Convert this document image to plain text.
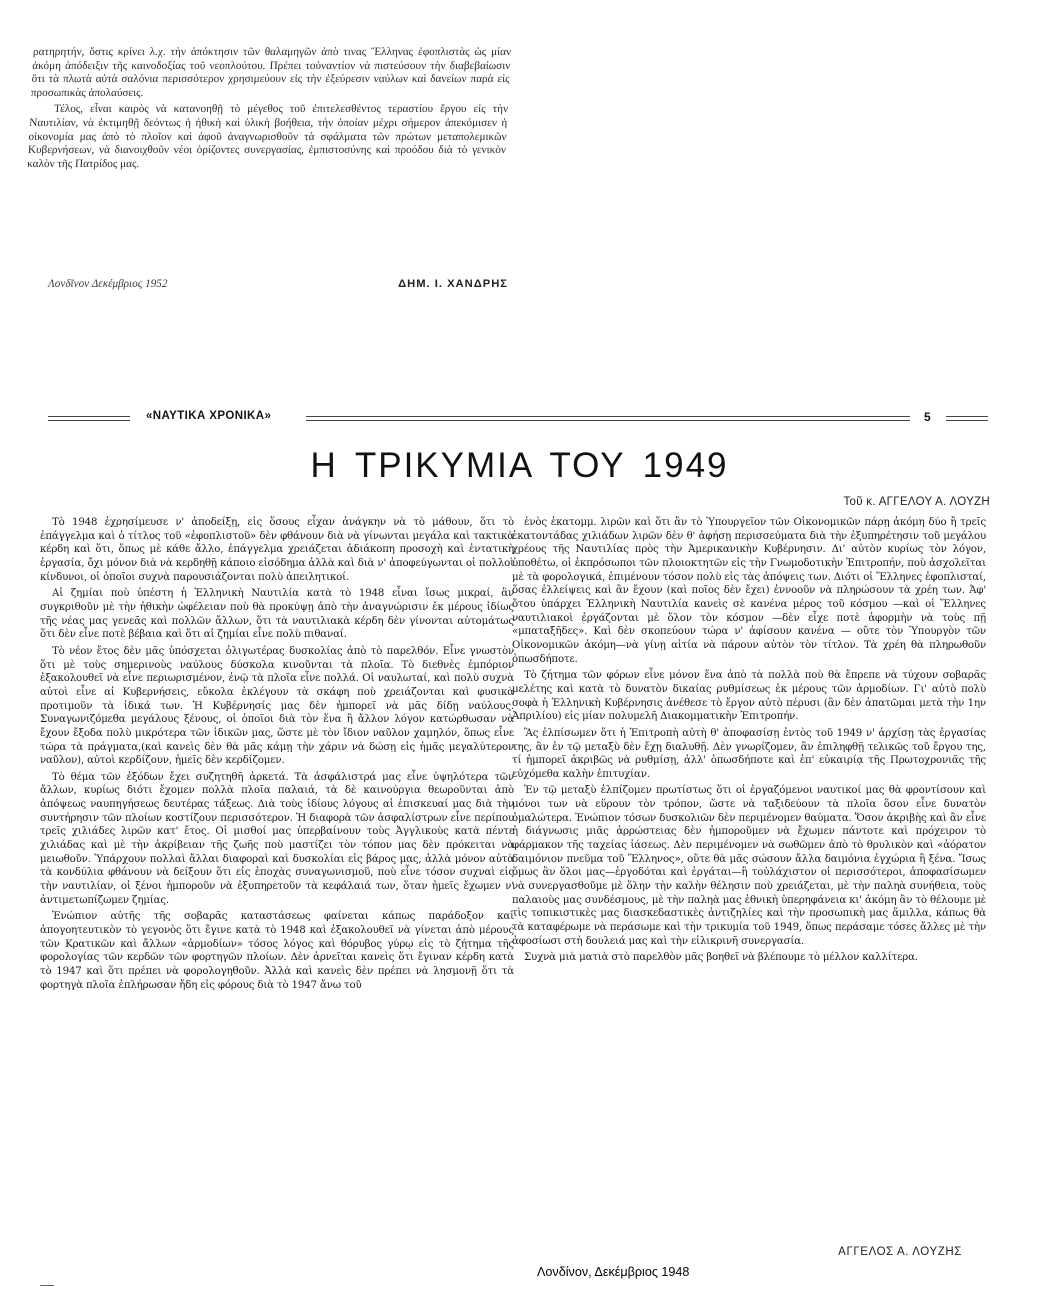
ρατηρητήν, ὅστις κρίνει λ.χ. τὴν ἀπόκτησιν τῶν θαλαμηγῶν ἀπὸ τινας Ἕλληνας ἐφοπλιστὰς ὡς μίαν ἀκόμη ἀπόδειξιν τῆς καινοδοξίας τοῦ νεοπλούτου. Πρέπει τοὐναντίον νὰ πιστεύσουν τὴν διαβεβαίωσιν ὅτι τὰ πλωτὰ αὐτὰ σαλόνια περισσότερον χρησιμεύουν εἰς τὴν ἐξεύρεσιν ναύλων καὶ δανείων παρὰ εἰς προσωπικὰς ἀπολαύσεις.

Τέλος, εἶναι καιρὸς νὰ κατανοηθῇ τὸ μέγεθος τοῦ ἐπιτελεσθέντος τεραστίου ἔργου εἰς τὴν Ναυτιλίαν, νὰ ἐκτιμηθῇ δεόντως ἡ ἠθικὴ καὶ ὑλικὴ βοήθεια, τὴν ὁποίαν μέχρι σήμερον ἀπεκόμισεν ἡ οἰκονομία μας ἀπὸ τὸ πλοῖον καὶ ἀφοῦ ἀναγνωρισθοῦν τὰ σφάλματα τῶν πρώτων μεταπολεμικῶν Κυβερνήσεων, νὰ διανοιχθοῦν νέοι ὁρίζοντες συνεργασίας, ἐμπιστοσύνης καὶ προόδου διὰ τὸ γενικὸν καλὸν τῆς Πατρίδος μας.

Λονδῖνον Δεκέμβριος 1952	ΔΗΜ. Ι. ΧΑΝΔΡΗΣ
«ΝΑΥΤΙΚΑ ΧΡΟΝΙΚΑ»	5
Η ΤΡΙΚΥΜΙΑ ΤΟΥ 1949
Τοῦ κ. ΑΓΓΕΛΟΥ Α. ΛΟΥΖΗ

Τὸ 1948 ἐχρησίμευσε ν' ἀποδείξῃ, εἰς ὅσους εἶχαν ἀνάγκην νὰ τὸ μάθουν, ὅτι τὸ ἐπάγγελμα καὶ ὁ τίτλος τοῦ «ἐφοπλιστοῦ» δὲν φθάνουν διὰ νὰ γίνωνται μεγάλα καὶ τακτικὰ κέρδη καὶ ὅτι, ὅπως μὲ κάθε ἄλλο, ἐπάγγελμα χρειάζεται ἀδιάκοπη προσοχὴ καὶ ἐντατικὴ ἐργασία, ὄχι μόνον διὰ νὰ κερδηθῇ κάποιο εἰσόδημα ἀλλὰ καὶ διὰ ν' ἀποφεύγωνται οἱ πολλοὶ κίνδυνοι, οἱ ὁποῖοι συχνὰ παρουσιάζονται πολὺ ἀπειλητικοί.

Αἱ ζημίαι ποὺ ὑπέστη ἡ Ἑλληνικὴ Ναυτιλία κατὰ τὸ 1948 εἶναι ἴσως μικραί, ἂν συγκριθοῦν μὲ τὴν ἠθικὴν ὠφέλειαν ποὺ θὰ προκύψῃ ἀπὸ τὴν ἀναγνώρισιν ἐκ μέρους ἰδίως τῆς νέας μας γενεᾶς καὶ πολλῶν ἄλλων, ὅτι τὰ ναυτιλιακὰ κέρδη δὲν γίνονται αὐτομάτως ὅτι δὲν εἶνε ποτὲ βέβαια καὶ ὅτι αἱ ζημίαι εἶνε πολὺ πιθαναί.

Τὸ νέον ἔτος δὲν μᾶς ὑπόσχεται ὀλιγωτέρας δυσκολίας ἀπὸ τὸ παρελθόν. Εἶνε γνωστὸν ὅτι μὲ τοὺς σημερινοὺς ναύλους δύσκολα κινοῦνται τὰ πλοῖα. Τὸ διεθνὲς ἐμπόριον ἐξακολουθεῖ νὰ εἶνε περιωρισμένον, ἐνῷ τὰ πλοῖα εἶνε πολλά. Οἱ ναυλωταί, καὶ πολὺ συχνὰ αὐτοὶ εἶνε αἱ Κυβερνήσεις, εὔκολα ἐκλέγουν τὰ σκάφη ποὺ χρειάζονται καὶ φυσικὰ προτιμοῦν τὰ ἰδικά των. Ἡ Κυβέρνησίς μας δὲν ἠμπορεῖ νὰ μᾶς δίδῃ ναύλους. Συναγωνιζόμεθα μεγάλους ξένους, οἱ ὁποῖοι διὰ τὸν ἕνα ἢ ἄλλον λόγον κατώρθωσαν νὰ ἔχουν ἔξοδα πολὺ μικρότερα τῶν ἰδικῶν μας, ὥστε μὲ τὸν ἴδιον ναῦλον χαμηλόν, ὅπως εἶνε τώρα τὰ πράγματα,(καὶ κανεὶς δὲν θὰ μᾶς κάμῃ τὴν χάριν νὰ δώσῃ εἰς ἡμᾶς μεγαλύτερον ναῦλον), αὐτοὶ κερδίζουν, ἡμεῖς δὲν κερδίζομεν.

Τὸ θέμα τῶν ἐξόδων ἔχει συζητηθῆ ἀρκετά. Τὰ ἀσφάλιστρά μας εἶνε ὑψηλότερα τῶν ἄλλων, κυρίως διότι ἔχομεν πολλὰ πλοῖα παλαιά, τὰ δὲ καινούργια θεωροῦνται ἀπὸ ἀπόψεως ναυπηγήσεως δευτέρας τάξεως. Διὰ τοὺς ἰδίους λόγους αἱ ἐπισκευαί μας διὰ τὴν συντήρησιν τῶν πλοίων κοστίζουν περισσότερον. Ἡ διαφορὰ τῶν ἀσφαλίστρων εἶνε περίπου τρεῖς χιλιάδες λιρῶν κατ' ἔτος. Οἱ μισθοί μας ὑπερβαίνουν τοὺς Ἀγγλικοὺς κατὰ πέντε χιλιάδας καὶ μὲ τὴν ἀκρίβειαν τῆς ζωῆς ποὺ μαστίζει τὸν τόπον μας δὲν πρόκειται νὰ μειωθοῦν. Ὑπάρχουν πολλαὶ ἄλλαι διαφοραὶ καὶ δυσκολίαι εἰς βάρος μας, ἀλλὰ μόνον αὐτὰ τὰ κονδύλια φθάνουν νὰ δείξουν ὅτι εἰς ἐποχὰς συναγωνισμοῦ, ποὺ εἶνε τόσον συχναὶ εἰς τὴν ναυτιλίαν, οἱ ξένοι ἠμποροῦν νὰ ἐξυπηρετοῦν τὰ κεφάλαιά των, ὅταν ἡμεῖς ἔχωμεν ν' ἀντιμετωπίζωμεν ζημίας.

Ἐνώπιον αὐτῆς τῆς σοβαρᾶς καταστάσεως φαίνεται κάπως παράδοξον καὶ ἀπογοητευτικὸν τὸ γεγονὸς ὅτι ἔγινε κατὰ τὸ 1948 καὶ ἐξακολουθεῖ νὰ γίνεται ἀπὸ μέρους τῶν Κρατικῶν καὶ ἄλλων «ἁρμοδίων» τόσος λόγος καὶ θόρυβος γύρῳ εἰς τὸ ζήτημα τῆς φορολογίας τῶν κερδῶν τῶν φορτηγῶν πλοίων. Δὲν ἀρνεῖται κανεὶς ὅτι ἔγιναν κέρδη κατὰ τὸ 1947 καὶ ὅτι πρέπει νὰ φορολογηθοῦν. Ἀλλὰ καὶ κανεὶς δὲν πρέπει νὰ λησμονῇ ὅτι τὰ φορτηγὰ πλοῖα ἐπλήρωσαν ἤδη εἰς φόρους διὰ τὸ 1947 ἄνω τοῦ

ἑνὸς ἑκατομμ. λιρῶν καὶ ὅτι ἂν τὸ Ὑπουργεῖον τῶν Οἰκονομικῶν πάρῃ ἀκόμη δύο ἢ τρεῖς ἑκατοντάδας χιλιάδων λιρῶν δὲν θ' ἀφήσῃ περισσεύματα διὰ τὴν ἐξυπηρέτησιν τοῦ μεγάλου χρέους τῆς Ναυτιλίας πρὸς τὴν Ἀμερικανικὴν Κυβέρνησιν. Δι' αὐτὸν κυρίως τὸν λόγον, ὑποθέτω, οἱ ἐκπρόσωποι τῶν πλοιοκτητῶν εἰς τὴν Γνωμοδοτικὴν Ἐπιτροπήν, ποὺ ἀσχολεῖται μὲ τὰ φορολογικά, ἐπιμένουν τόσον πολὺ εἰς τὰς ἀπόψεις των. Διότι οἱ Ἕλληνες ἐφοπλισταί, ὅσας ἐλλείψεις καὶ ἂν ἔχουν (καὶ ποῖος δὲν ἔχει) ἐννοοῦν νὰ πληρώσουν τὰ χρέη των. Ἀφ' ὅτου ὑπάρχει Ἑλληνικὴ Ναυτιλία κανεὶς σὲ κανένα μέρος τοῦ κόσμου —καὶ οἱ Ἕλληνες ναυτιλιακοὶ ἐργάζονται μὲ ὅλον τὸν κόσμον —δὲν εἶχε ποτὲ ἀφορμὴν νὰ τοὺς πῇ «μπαταξῆδες». Καὶ δὲν σκοπεύουν τώρα ν' ἀφίσουν κανένα — οὔτε τὸν Ὑπουργὸν τῶν Οἰκονομικῶν ἀκόμη—νὰ γίνῃ αἰτία νὰ πάρουν αὐτὸν τὸν τίτλον. Τὰ χρέη θὰ πληρωθοῦν ὁπωσδήποτε.

Τὸ ζήτημα τῶν φόρων εἶνε μόνον ἕνα ἀπὸ τὰ πολλὰ ποὺ θὰ ἔπρεπε νὰ τύχουν σοβαρᾶς μελέτης καὶ κατὰ τὸ δυνατὸν δικαίας ρυθμίσεως ἐκ μέρους τῶν ἁρμοδίων. Γι' αὐτὸ πολὺ σοφὰ ἡ Ἑλληνικὴ Κυβέρνησις ἀνέθεσε τὸ ἔργον αὐτὸ πέρυσι (ἂν δὲν ἀπατῶμαι μετὰ τὴν 1ην Ἀπριλίου) εἰς μίαν πολυμελῆ Διακομματικὴν Ἐπιτροπήν.

Ἂς ἐλπίσωμεν ὅτι ἡ Ἐπιτροπὴ αὐτὴ θ' ἀποφασίσῃ ἐντὸς τοῦ 1949 ν' ἀρχίσῃ τὰς ἐργασίας της, ἂν ἐν τῷ μεταξὺ δὲν ἔχῃ διαλυθῇ. Δὲν γνωρίζομεν, ἂν ἐπιληφθῇ τελικῶς τοῦ ἔργου της, τί ἠμπορεῖ ἀκριβῶς νὰ ρυθμίσῃ, ἀλλ' ὁπωσδήποτε καὶ ἐπ' εὐκαιρίᾳ τῆς Πρωτοχρονιᾶς τῆς εὐχόμεθα καλὴν ἐπιτυχίαν.

Ἐν τῷ μεταξὺ ἐλπίζομεν πρωτίστως ὅτι οἱ ἐργαζόμενοι ναυτικοί μας θὰ φροντίσουν καὶ μόνοι των νὰ εὕρουν τὸν τρόπον, ὥστε νὰ ταξιδεύουν τὰ πλοῖα ὅσον εἶνε δυνατὸν ὁμαλώτερα. Ἐνώπιον τόσων δυσκολιῶν δὲν περιμένομεν θαύματα. Ὅσον ἀκριβὴς καὶ ἂν εἶνε ἡ διάγνωσις μιᾶς ἀρρώστειας δὲν ἠμποροῦμεν νὰ ἔχωμεν πάντοτε καὶ πρόχειρον τὸ φάρμακον τῆς ταχείας ἰάσεως. Δὲν περιμένομεν νὰ σωθῶμεν ἀπὸ τὸ θρυλικὸν καὶ «ἀόρατον δαιμόνιον πνεῦμα τοῦ Ἕλληνος», οὔτε θὰ μᾶς σώσουν ἄλλα δαιμόνια ἐγχώρια ἢ ξένα. Ἴσως ὅμως ἂν ὅλοι μας—ἐργοδόται καὶ ἐργάται—ἢ τοὐλάχιστον οἱ περισσότεροι, ἀποφασίσωμεν νὰ συνεργασθοῦμε μὲ ὅλην τὴν καλὴν θέλησιν ποὺ χρειάζεται, μὲ τὴν παληὰ συνήθεια, τοὺς παλαιοὺς μας συνδέσμους, μὲ τὴν παληὰ μας ἐθνικὴ ὑπερηφάνεια κι' ἀκόμη ἂν τὸ θέλουμε μὲ τὶς τοπικιστικὲς μας διασκεδαστικὲς ἀντιζηλίες καὶ τὴν προσωπικὴ μας ἅμιλλα, κάπως θὰ τὰ καταφέρωμε νὰ περάσωμε καὶ τὴν τρικυμία τοῦ 1949, ὅπως περάσαμε τόσες ἄλλες μὲ τὴν ἀφοσίωσι στὴ δουλειά μας καὶ τὴν εἰλικρινῆ συνεργασία.

Συχνὰ μιὰ ματιὰ στὸ παρελθὸν μᾶς βοηθεῖ νὰ βλέπουμε τὸ μέλλον καλλίτερα.

ΑΓΓΕΛΟΣ Α. ΛΟΥΖΗΣ
Λονδίνον, Δεκέμβριος 1948
